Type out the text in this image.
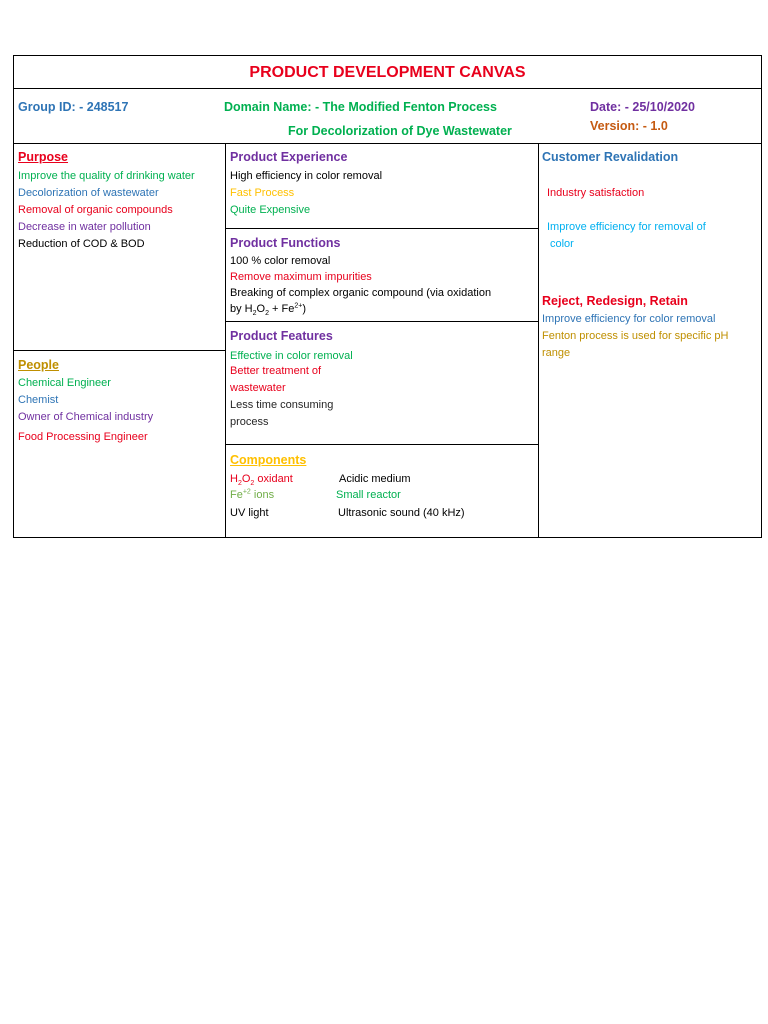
PRODUCT DEVELOPMENT CANVAS
Group ID: - 248517	Domain Name: - The Modified Fenton Process
For Decolorization of Dye Wastewater
Date: - 25/10/2020
Version: - 1.0
Purpose
Improve the quality of drinking water
Decolorization of wastewater
Removal of organic compounds
Decrease in water pollution
Reduction of COD & BOD
People
Chemical Engineer
Chemist
Owner of Chemical industry
Food Processing Engineer
Product Experience
High efficiency in color removal
Fast Process
Quite Expensive
Product Functions
100 % color removal
Remove maximum impurities
Breaking of complex organic compound (via oxidation
by $H_2O_2 + Fe^{2+}$)
Product Features
Effective in color removal
Better treatment of
wastewater
Less time consuming
process
Components
$H_2O_2$ oxidant
$Fe^{+2}$ ions
UV light
Acidic medium
Small reactor
Ultrasonic sound (40 kHz)
Customer Revalidation
Industry satisfaction
Improve efficiency for removal of
color
Reject, Redesign, Retain
Improve efficiency for color removal
Fenton process is used for specific pH
range
